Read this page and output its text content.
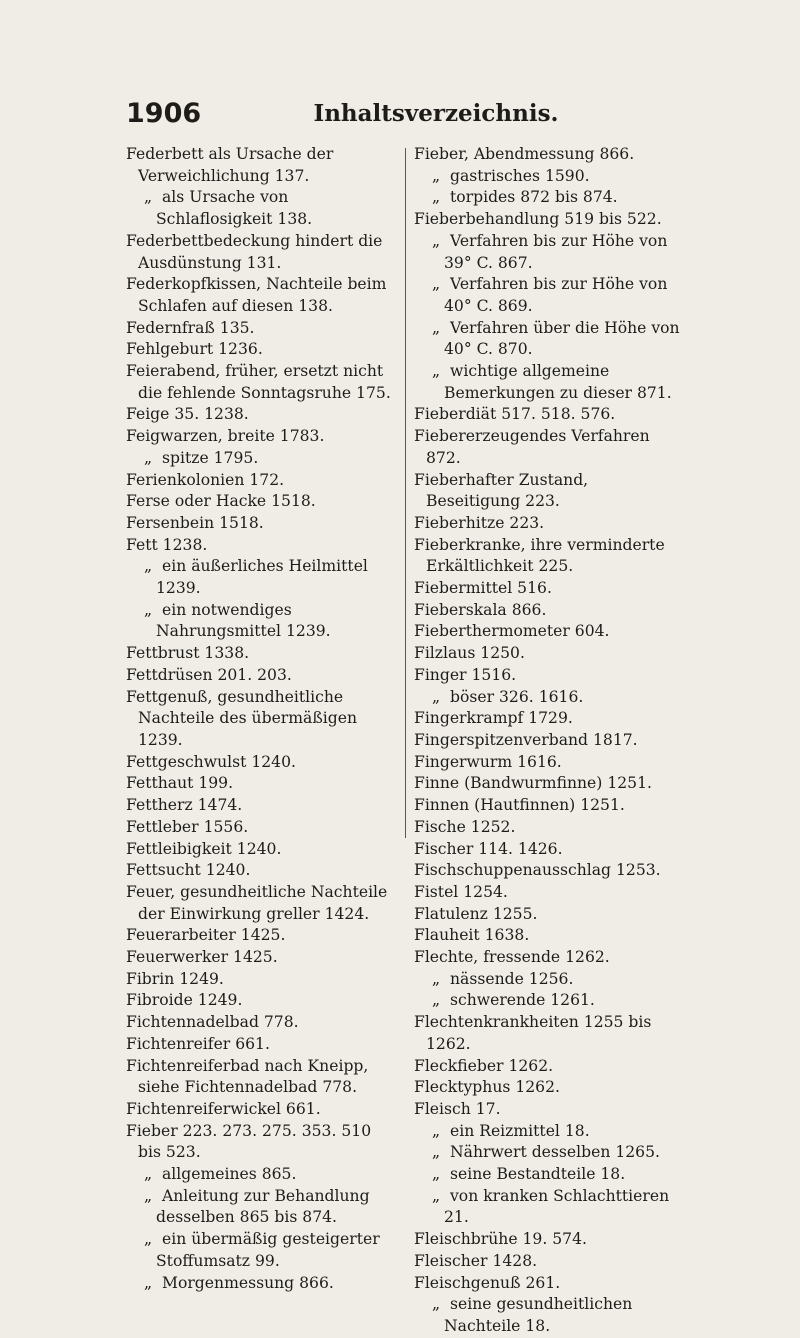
1906	Inhaltsverzeichnis.

Federbett als Ursache der Verweichlichung 137.

„ als Ursache von Schlaflosigkeit 138.

Federbettbedeckung hindert die Ausdünstung 131.

Federkopfkissen, Nachteile beim Schlafen auf diesen 138.

Federnfraß 135.

Fehlgeburt 1236.

Feierabend, früher, ersetzt nicht die fehlende Sonntagsruhe 175.

Feige 35. 1238.

Feigwarzen, breite 1783.

„ spitze 1795.

Ferienkolonien 172.

Ferse oder Hacke 1518.

Fersenbein 1518.

Fett 1238.

„ ein äußerliches Heilmittel 1239.

„ ein notwendiges Nahrungsmittel 1239.

Fettbrust 1338.

Fettdrüsen 201. 203.

Fettgenuß, gesundheitliche Nachteile des übermäßigen 1239.

Fettgeschwulst 1240.

Fetthaut 199.

Fettherz 1474.

Fettleber 1556.

Fettleibigkeit 1240.

Fettsucht 1240.

Feuer, gesundheitliche Nachteile der Einwirkung greller 1424.

Feuerarbeiter 1425.

Feuerwerker 1425.

Fibrin 1249.

Fibroide 1249.

Fichtennadelbad 778.

Fichtenreifer 661.

Fichtenreiferbad nach Kneipp, siehe Fichtennadelbad 778.

Fichtenreiferwickel 661.

Fieber 223. 273. 275. 353. 510 bis 523.

„ allgemeines 865.

„ Anleitung zur Behandlung desselben 865 bis 874.

„ ein übermäßig gesteigerter Stoffumsatz 99.

„ Morgenmessung 866.

Fieber, Abendmessung 866.

„ gastrisches 1590.

„ torpides 872 bis 874.

Fieberbehandlung 519 bis 522.

„ Verfahren bis zur Höhe von 39° C. 867.

„ Verfahren bis zur Höhe von 40° C. 869.

„ Verfahren über die Höhe von 40° C. 870.

„ wichtige allgemeine Bemerkungen zu dieser 871.

Fieberdiät 517. 518. 576.

Fiebererzeugendes Verfahren 872.

Fieberhafter Zustand, Beseitigung 223.

Fieberhitze 223.

Fieberkranke, ihre verminderte Erkältlichkeit 225.

Fiebermittel 516.

Fieberskala 866.

Fieberthermometer 604.

Filzlaus 1250.

Finger 1516.

„ böser 326. 1616.

Fingerkrampf 1729.

Fingerspitzenverband 1817.

Fingerwurm 1616.

Finne (Bandwurmfinne) 1251.

Finnen (Hautfinnen) 1251.

Fische 1252.

Fischer 114. 1426.

Fischschuppenausschlag 1253.

Fistel 1254.

Flatulenz 1255.

Flauheit 1638.

Flechte, fressende 1262.

„ nässende 1256.

„ schwerende 1261.

Flechtenkrankheiten 1255 bis 1262.

Fleckfieber 1262.

Flecktyphus 1262.

Fleisch 17.

„ ein Reizmittel 18.

„ Nährwert desselben 1265.

„ seine Bestandteile 18.

„ von kranken Schlachttieren 21.

Fleischbrühe 19. 574.

Fleischer 1428.

Fleischgenuß 261.

„ seine gesundheitlichen Nachteile 18.
